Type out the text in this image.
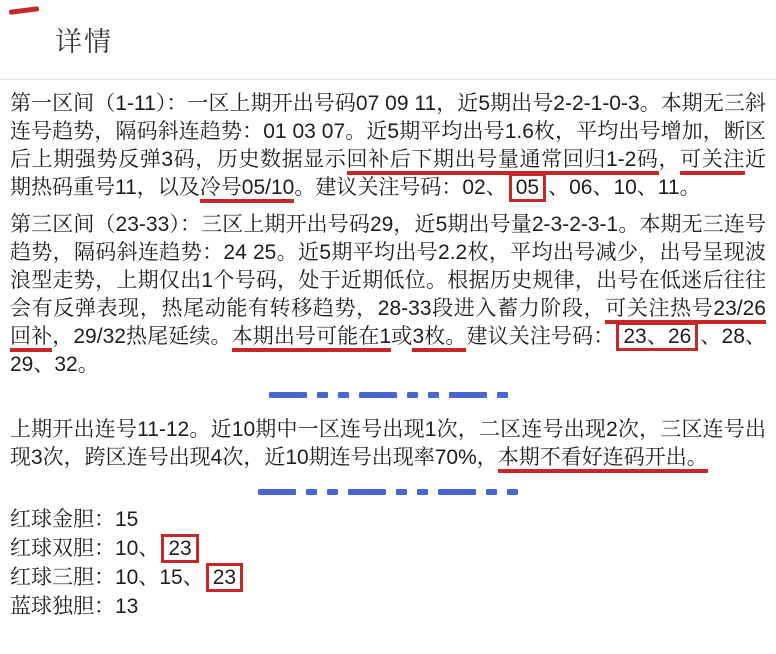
详情

第一区间（1-11）：一区上期开出号码07 09 11，近5期出号2-2-1-0-3。本期无三斜连号趋势，隔码斜连趋势：01 03 07。近5期平均出号1.6枚，平均出号增加，断区后上期强势反弹3码，历史数据显示回补后下期出号量通常回归1-2码，可关注近期热码重号11，以及冷号05/10。建议关注号码：02、 05 、06、10、11。

第三区间（23-33）：三区上期开出号码29，近5期出号量2-3-2-3-1。本期无三连号趋势，隔码斜连趋势：24 25。近5期平均出号2.2枚，平均出号减少，出号呈现波浪型走势，上期仅出1个号码，处于近期低位。根据历史规律，出号在低迷后往往会有反弹表现，热尾动能有转移趋势，28-33段进入蓄力阶段，可关注热号23/26回补，29/32热尾延续。本期出号可能在1或3枚。建议关注号码： 23、26 、28、29、32。

上期开出连号11-12。近10期中一区连号出现1次，二区连号出现2次，三区连号出现3次，跨区连号出现4次，近10期连号出现率70%，本期不看好连码开出。

红球金胆：15
红球双胆：10、 23
红球三胆：10、15、 23
蓝球独胆：13
